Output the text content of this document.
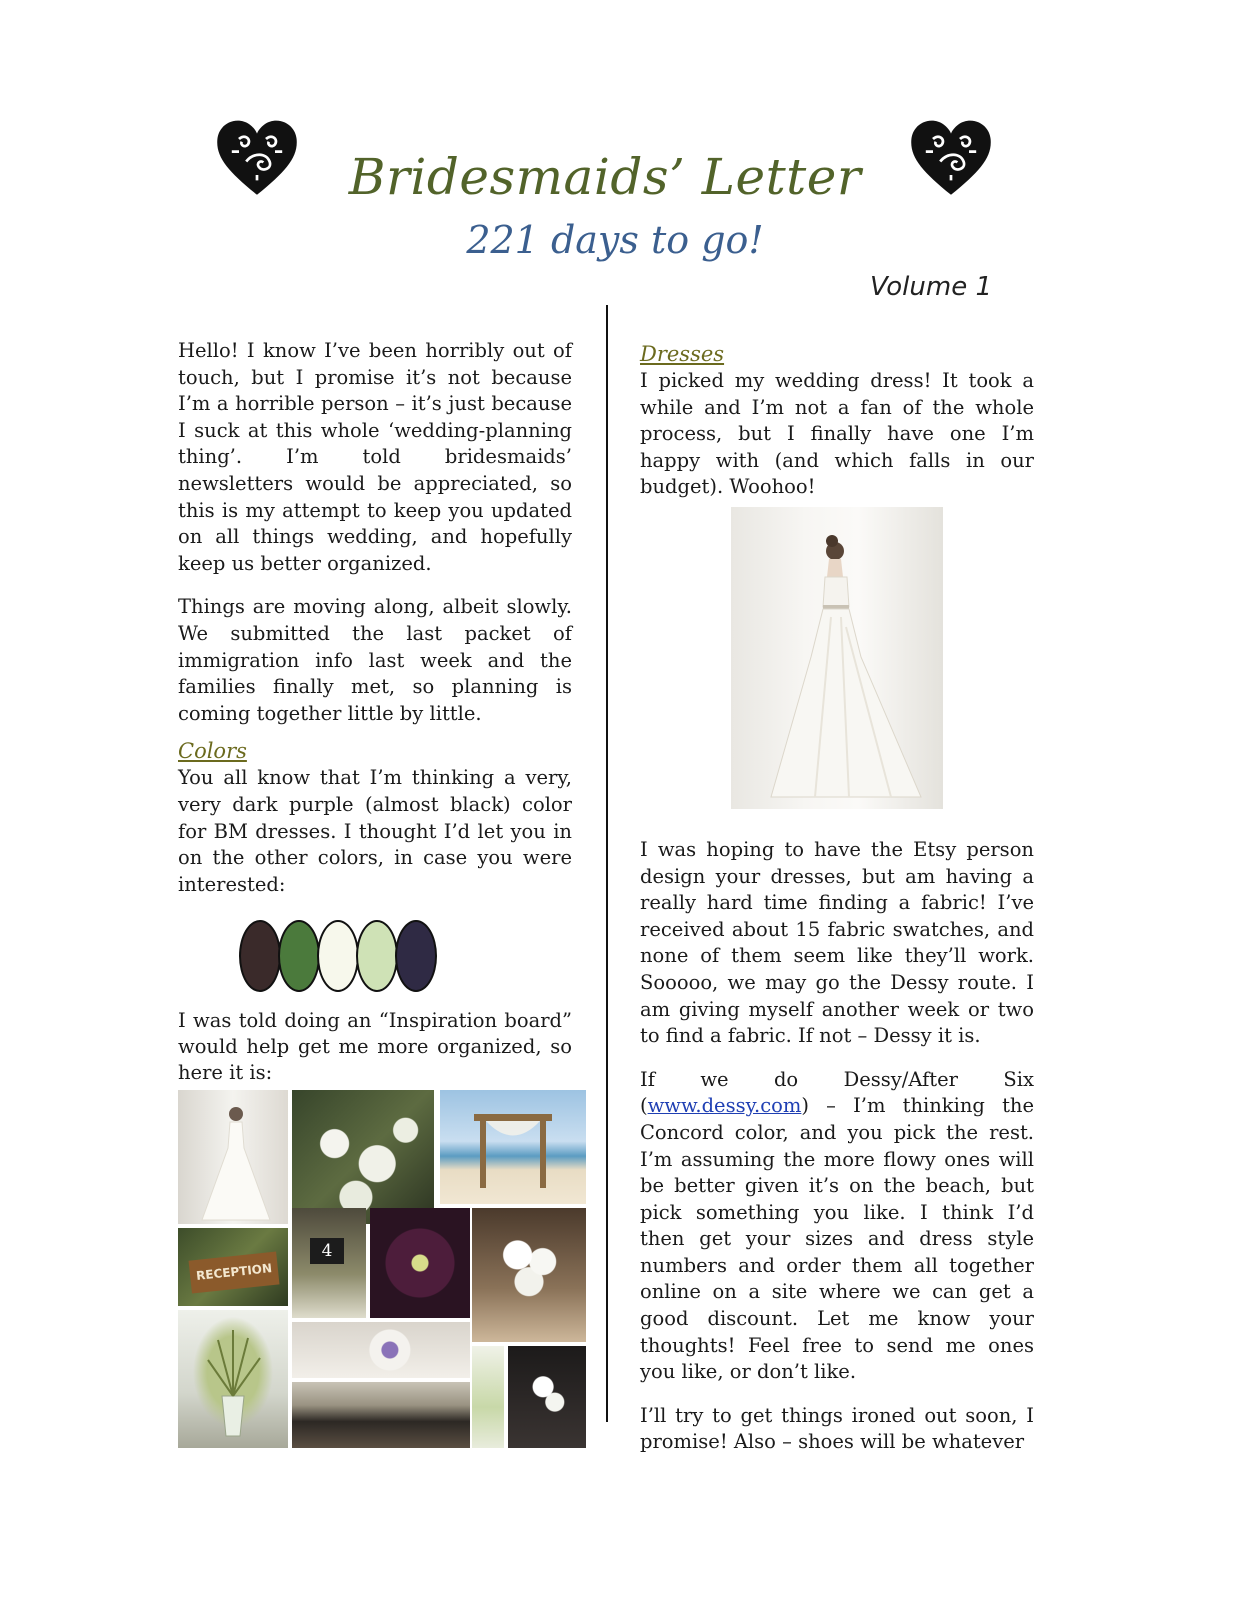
Bridesmaids’ Letter
221 days to go!
Volume 1

Hello! I know I’ve been horribly out of touch, but I promise it’s not because I’m a horrible person – it’s just because I suck at this whole ‘wedding-planning thing’. I’m told bridesmaids’ newsletters would be appreciated, so this is my attempt to keep you updated on all things wedding, and hopefully keep us better organized.

Things are moving along, albeit slowly. We submitted the last packet of immigration info last week and the families finally met, so planning is coming together little by little.

Colors

You all know that I’m thinking a very, very dark purple (almost black) color for BM dresses. I thought I’d let you in on the other colors, in case you were interested:

I was told doing an “Inspiration board” would help get me more organized, so here it is:

RECEPTION
4
Dresses

I picked my wedding dress! It took a while and I’m not a fan of the whole process, but I finally have one I’m happy with (and which falls in our budget). Woohoo!

I was hoping to have the Etsy person design your dresses, but am having a really hard time finding a fabric! I’ve received about 15 fabric swatches, and none of them seem like they’ll work. Sooooo, we may go the Dessy route. I am giving myself another week or two to find a fabric. If not – Dessy it is.

If we do Dessy/After Six (www.dessy.com) – I’m thinking the Concord color, and you pick the rest. I’m assuming the more flowy ones will be better given it’s on the beach, but pick something you like. I think I’d then get your sizes and dress style numbers and order them all together online on a site where we can get a good discount. Let me know your thoughts! Feel free to send me ones you like, or don’t like.

I’ll try to get things ironed out soon, I promise! Also – shoes will be whatever
